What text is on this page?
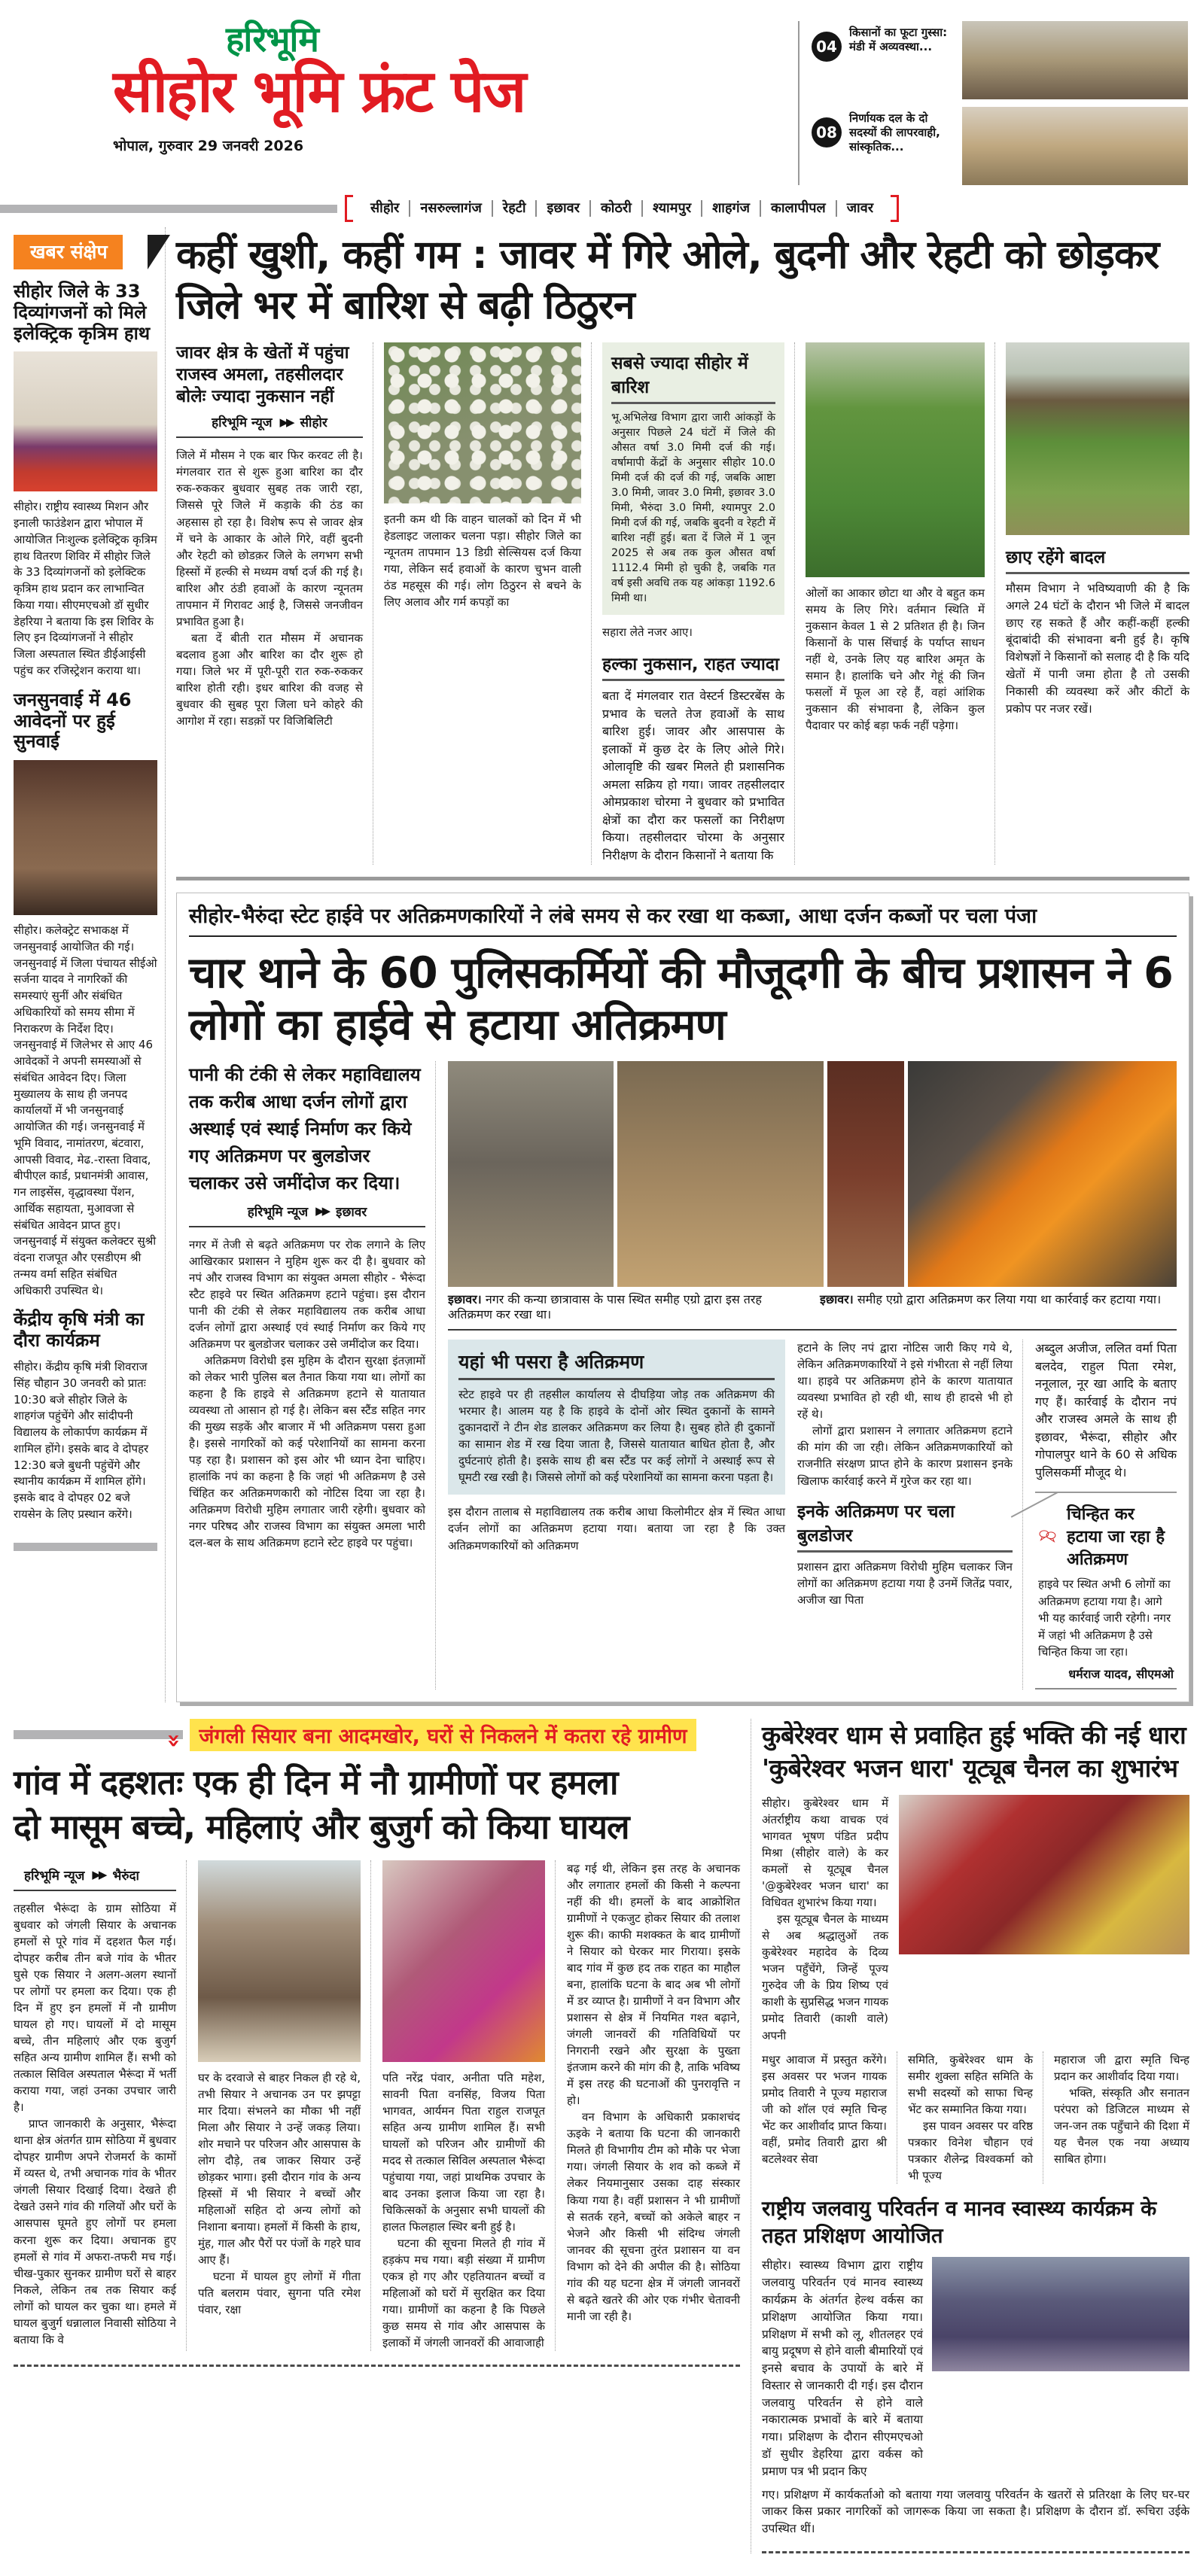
हरिभूमि
सीहोर भूमि फ्रंट पेज
भोपाल, गुरुवार 29 जनवरी 2026
04
किसानों का फूटा गुस्सा: मंडी में अव्यवस्था...
08
निर्णायक दल के दो सदस्यों की लापरवाही, सांस्कृतिक...
सीहोर	नसरुल्लागंज	रेहटी	इछावर	कोठरी	श्यामपुर	शाहगंज	कालापीपल	जावर
खबर संक्षेप
सीहोर जिले के 33 दिव्यांगजनों को मिले इलेक्ट्रिक कृत्रिम हाथ
सीहोर। राष्ट्रीय स्वास्थ्य मिशन और इनाली फाउंडेशन द्वारा भोपाल में आयोजित निःशुल्क इलेक्ट्रिक कृत्रिम हाथ वितरण शिविर में सीहोर जिले के 33 दिव्यांगजनों को इलेक्टिक कृत्रिम हाथ प्रदान कर लाभान्वित किया गया। सीएमएचओ डॉ सुधीर डेहरिया ने बताया कि इस शिविर के लिए इन दिव्यांगजनों ने सीहोर जिला अस्पताल स्थित डीईआईसी पहुंच कर रजिस्ट्रेशन कराया था।
जनसुनवाई में 46 आवेदनों पर हुई सुनवाई
सीहोर। कलेक्ट्रेट सभाकक्ष में जनसुनवाई आयोजित की गई। जनसुनवाई में जिला पंचायत सीईओ सर्जना यादव ने नागरिकों की समस्याएं सुनीं और संबंधित अधिकारियों को समय सीमा में निराकरण के निर्देश दिए। जनसुनवाई में जिलेभर से आए 46 आवेदकों ने अपनी समस्याओं से संबंधित आवेदन दिए। जिला मुख्यालय के साथ ही जनपद कार्यालयों में भी जनसुनवाई आयोजित की गई। जनसुनवाई में भूमि विवाद, नामांतरण, बंटवारा, आपसी विवाद, मेढ.-रास्ता विवाद, बीपीएल कार्ड, प्रधानमंत्री आवास, गन लाइसेंस, वृद्धावस्था पेंशन, आर्थिक सहायता, मुआवजा से संबंधित आवेदन प्राप्त हुए। जनसुनवाई में संयुक्त कलेक्टर सुश्री वंदना राजपूत और एसडीएम श्री तन्मय वर्मा सहित संबंधित अधिकारी उपस्थित थे।
केंद्रीय कृषि मंत्री का दौरा कार्यक्रम
सीहोर। केंद्रीय कृषि मंत्री शिवराज सिंह चौहान 30 जनवरी को प्रातः 10:30 बजे सीहोर जिले के शाहगंज पहुंचेंगे और सांदीपनी विद्यालय के लोकार्पण कार्यक्रम में शामिल होंगे। इसके बाद वे दोपहर 12:30 बजे बुधनी पहुंचेंगे और स्थानीय कार्यक्रम में शामिल होंगे। इसके बाद वे दोपहर 02 बजे रायसेन के लिए प्रस्थान करेंगे।
कहीं खुशी, कहीं गम : जावर में गिरे ओले, बुदनी और रेहटी को छोड़कर जिले भर में बारिश से बढ़ी ठिठुरन
जावर क्षेत्र के खेतों में पहुंचा राजस्व अमला, तहसीलदार बोलेः ज्यादा नुकसान नहीं
हरिभूमि न्यूज ▶▶ सीहोर

जिले में मौसम ने एक बार फिर करवट ली है। मंगलवार रात से शुरू हुआ बारिश का दौर रुक-रुककर बुधवार सुबह तक जारी रहा, जिससे पूरे जिले में कड़ाके की ठंड का अहसास हो रहा है। विशेष रूप से जावर क्षेत्र में चने के आकार के ओले गिरे, वहीं बुदनी और रेहटी को छोडक़र जिले के लगभग सभी हिस्सों में हल्की से मध्यम वर्षा दर्ज की गई है। बारिश और ठंडी हवाओं के कारण न्यूनतम तापमान में गिरावट आई है, जिससे जनजीवन प्रभावित हुआ है।

बता दें बीती रात मौसम में अचानक बदलाव हुआ और बारिश का दौर शुरू हो गया। जिले भर में पूरी-पूरी रात रुक-रुककर बारिश होती रही। इधर बारिश की वजह से बुधवार की सुबह पूरा जिला घने कोहरे की आगोश में रहा। सडक़ों पर विजिबिलिटी

इतनी कम थी कि वाहन चालकों को दिन में भी हेडलाइट जलाकर चलना पड़ा। सीहोर जिले का न्यूनतम तापमान 13 डिग्री सेल्सियस दर्ज किया गया, लेकिन सर्द हवाओं के कारण चुभन वाली ठंड महसूस की गई। लोग ठिठुरन से बचने के लिए अलाव और गर्म कपड़ों का
सबसे ज्यादा सीहोर में बारिश
भू.अभिलेख विभाग द्वारा जारी आंकड़ों के अनुसार पिछले 24 घंटों में जिले की औसत वर्षा 3.0 मिमी दर्ज की गई। वर्षामापी केंद्रों के अनुसार सीहोर 10.0 मिमी दर्ज की दर्ज की गई, जबकि आष्टा 3.0 मिमी, जावर 3.0 मिमी, इछावर 3.0 मिमी, भैरुंदा 3.0 मिमी, श्यामपुर 2.0 मिमी दर्ज की गई, जबकि बुदनी व रेहटी में बारिश नहीं हुई। बता दें जिले में 1 जून 2025 से अब तक कुल औसत वर्षा 1112.4 मिमी हो चुकी है, जबकि गत वर्ष इसी अवधि तक यह आंकड़ा 1192.6 मिमी था।
सहारा लेते नजर आए।
हल्का नुकसान, राहत ज्यादा
बता दें मंगलवार रात वेस्टर्न डिस्टरबेंस के प्रभाव के चलते तेज हवाओं के साथ बारिश हुई। जावर और आसपास के इलाकों में कुछ देर के लिए ओले गिरे। ओलावृष्टि की खबर मिलते ही प्रशासनिक अमला सक्रिय हो गया। जावर तहसीलदार ओमप्रकाश चोरमा ने बुधवार को प्रभावित क्षेत्रों का दौरा कर फसलों का निरीक्षण किया। तहसीलदार चोरमा के अनुसार निरीक्षण के दौरान किसानों ने बताया कि
ओलों का आकार छोटा था और वे बहुत कम समय के लिए गिरे। वर्तमान स्थिति में नुकसान केवल 1 से 2 प्रतिशत ही है। जिन किसानों के पास सिंचाई के पर्याप्त साधन नहीं थे, उनके लिए यह बारिश अमृत के समान है। हालांकि चने और गेहूं की जिन फसलों में फूल आ रहे हैं, वहां आंशिक नुकसान की संभावना है, लेकिन कुल पैदावार पर कोई बड़ा फर्क नहीं पड़ेगा।
छाए रहेंगे बादल
मौसम विभाग ने भविष्यवाणी की है कि अगले 24 घंटों के दौरान भी जिले में बादल छाए रह सकते हैं और कहीं-कहीं हल्की बूंदाबांदी की संभावना बनी हुई है। कृषि विशेषज्ञों ने किसानों को सलाह दी है कि यदि खेतों में पानी जमा होता है तो उसकी निकासी की व्यवस्था करें और कीटों के प्रकोप पर नजर रखें।
सीहोर-भैरुंदा स्टेट हाईवे पर अतिक्रमणकारियों ने लंबे समय से कर रखा था कब्जा, आधा दर्जन कब्जों पर चला पंजा
चार थाने के 60 पुलिसकर्मियों की मौजूदगी के बीच प्रशासन ने 6 लोगों का हाईवे से हटाया अतिक्रमण
पानी की टंकी से लेकर महाविद्यालय तक करीब आधा दर्जन लोगों द्वारा अस्थाई एवं स्थाई निर्माण कर किये गए अतिक्रमण पर बुलडोजर चलाकर उसे जमींदोज कर दिया।
हरिभूमि न्यूज ▶▶ इछावर

नगर में तेजी से बढ़ते अतिक्रमण पर रोक लगाने के लिए आखिरकार प्रशासन ने मुहिम शुरू कर दी है। बुधवार को नपं और राजस्व विभाग का संयुक्त अमला सीहोर - भैरूंदा स्टैट हाइवे पर स्थित अतिक्रमण हटाने पहुंचा। इस दौरान पानी की टंकी से लेकर महाविद्यालय तक करीब आधा दर्जन लोगों द्वारा अस्थाई एवं स्थाई निर्माण कर किये गए अतिक्रमण पर बुलडोजर चलाकर उसे जमींदोज कर दिया।

अतिक्रमण विरोधी इस मुहिम के दौरान सुरक्षा इंतज़ामों को लेकर भारी पुलिस बल तैनात किया गया था। लोगों का कहना है कि हाइवे से अतिक्रमण हटाने से यातायात व्यवस्था तो आसान हो गई है। लेकिन बस स्टैंड सहित नगर की मुख्य सड़कें और बाजार में भी अतिक्रमण पसरा हुआ है। इससे नागरिकों को कई परेशानियों का सामना करना पड़ रहा है। प्रशासन को इस ओर भी ध्यान देना चाहिए। हालांकि नपं का कहना है कि जहां भी अतिक्रमण है उसे चिंहित कर अतिक्रमणकारी को नोटिस दिया जा रहा है। अतिक्रमण विरोधी मुहिम लगातार जारी रहेगी। बुधवार को नगर परिषद और राजस्व विभाग का संयुक्त अमला भारी दल-बल के साथ अतिक्रमण हटाने स्टेट हाइवे पर पहुंचा।

इछावर। नगर की कन्या छात्रावास के पास स्थित समीह एग्रो द्वारा इस तरह अतिक्रमण कर रखा था।
इछावर। समीह एग्रो द्वारा अतिक्रमण कर लिया गया था कार्रवाई कर हटाया गया।
यहां भी पसरा है अतिक्रमण
स्टेट हाइवे पर ही तहसील कार्यालय से दीघड़िया जोड़ तक अतिक्रमण की भरमार है। आलम यह है कि हाइवे के दोनों ओर स्थित दुकानों के सामने दुकानदारों ने टीन शेड डालकर अतिक्रमण कर लिया है। सुबह होते ही दुकानों का सामान शेड में रख दिया जाता है, जिससे यातायात बाधित होता है, और दुर्घटनाएं होती है। इसके साथ ही बस स्टैंड पर कई लोगों ने अस्थाई रूप से घूमटी रख रखी है। जिससे लोगों को कई परेशानियों का सामना करना पड़ता है।
इस दौरान तालाब से महाविद्यालय तक करीब आधा किलोमीटर क्षेत्र में स्थित आधा दर्जन लोगों का अतिक्रमण हटाया गया। बताया जा रहा है कि उक्त अतिक्रमणकारियों को अतिक्रमण

हटाने के लिए नपं द्वारा नोटिस जारी किए गये थे, लेकिन अतिक्रमणकारियों ने इसे गंभीरता से नहीं लिया था। हाइवे पर अतिक्रमण होने के कारण यातायात व्यवस्था प्रभावित हो रही थी, साथ ही हादसे भी हो रहें थे।

लोगों द्वारा प्रशासन ने लगातार अतिक्रमण हटाने की मांग की जा रही। लेकिन अतिक्रमणकारियों को राजनीति संरक्षण प्राप्त होने के कारण प्रशासन इनके खिलाफ कार्रवाई करने में गुरेज कर रहा था।

इनके अतिक्रमण पर चला बुलडोजर
प्रशासन द्वारा अतिक्रमण विरोधी मुहिम चलाकर जिन लोगों का अतिक्रमण हटाया गया है उनमें जितेंद्र पवार, अजीज खा पिता
अब्दुल अजीज, ललित वर्मा पिता बलदेव, राहुल पिता रमेश, ननूलाल, नूर खा आदि के बताए गए हैं। कार्रवाई के दौरान नपं और राजस्व अमले के साथ ही इछावर, भैरूंदा, सीहोर और गोपालपुर थाने के 60 से अधिक पुलिसकर्मी मौजूद थे।
चिन्हित कर हटाया जा रहा है अतिक्रमण
हाइवे पर स्थित अभी 6 लोगों का अतिक्रमण हटाया गया है। आगे भी यह कार्रवाई जारी रहेगी। नगर में जहां भी अतिक्रमण है उसे चिन्हित किया जा रहा।
धर्मराज यादव, सीएमओ
» जंगली सियार बना आदमखोर, घरों से निकलने में कतरा रहे ग्रामीण
गांव में दहशतः एक ही दिन में नौ ग्रामीणों पर हमला
दो मासूम बच्चे, महिलाएं और बुजुर्ग को किया घायल
हरिभूमि न्यूज ▶▶ भैरुंदा

तहसील भैरूंदा के ग्राम सोठिया में बुधवार को जंगली सियार के अचानक हमलों से पूरे गांव में दहशत फैल गई। दोपहर करीब तीन बजे गांव के भीतर घुसे एक सियार ने अलग-अलग स्थानों पर लोगों पर हमला कर दिया। एक ही दिन में हुए इन हमलों में नौ ग्रामीण घायल हो गए। घायलों में दो मासूम बच्चे, तीन महिलाएं और एक बुजुर्ग सहित अन्य ग्रामीण शामिल हैं। सभी को तत्काल सिविल अस्पताल भैरूंदा में भर्ती कराया गया, जहां उनका उपचार जारी है।

प्राप्त जानकारी के अनुसार, भैरूंदा थाना क्षेत्र अंतर्गत ग्राम सोठिया में बुधवार दोपहर ग्रामीण अपने रोजमर्रा के कामों में व्यस्त थे, तभी अचानक गांव के भीतर जंगली सियार दिखाई दिया। देखते ही देखते उसने गांव की गलियों और घरों के आसपास घूमते हुए लोगों पर हमला करना शुरू कर दिया। अचानक हुए हमलों से गांव में अफरा-तफरी मच गई। चीख-पुकार सुनकर ग्रामीण घरों से बाहर निकले, लेकिन तब तक सियार कई लोगों को घायल कर चुका था। हमले में घायल बुजुर्ग धन्नालाल निवासी सोठिया ने बताया कि वे

घर के दरवाजे से बाहर निकल ही रहे थे, तभी सियार ने अचानक उन पर झपट्टा मार दिया। संभलने का मौका भी नहीं मिला और सियार ने उन्हें जकड़ लिया। शोर मचाने पर परिजन और आसपास के लोग दौड़े, तब जाकर सियार उन्हें छोड़कर भागा। इसी दौरान गांव के अन्य हिस्सों में भी सियार ने बच्चों और महिलाओं सहित दो अन्य लोगों को निशाना बनाया। हमलों में किसी के हाथ, मुंह, गाल और पैरों पर पंजों के गहरे घाव आए हैं।

घटना में घायल हुए लोगों में गीता पति बलराम पंवार, सुगना पति रमेश पंवार, रक्षा

पति नरेंद्र पंवार, अनीता पति महेश, सावनी पिता वनसिंह, विजय पिता भागवत, आर्यमन पिता राहुल राजपूत सहित अन्य ग्रामीण शामिल हैं। सभी घायलों को परिजन और ग्रामीणों की मदद से तत्काल सिविल अस्पताल भैरूंदा पहुंचाया गया, जहां प्राथमिक उपचार के बाद उनका इलाज किया जा रहा है। चिकित्सकों के अनुसार सभी घायलों की हालत फिलहाल स्थिर बनी हुई है।

घटना की सूचना मिलते ही गांव में हड़कंप मच गया। बड़ी संख्या में ग्रामीण एकत्र हो गए और एहतियातन बच्चों व महिलाओं को घरों में सुरक्षित कर दिया गया। ग्रामीणों का कहना है कि पिछले कुछ समय से गांव और आसपास के इलाकों में जंगली जानवरों की आवाजाही

बढ़ गई थी, लेकिन इस तरह के अचानक और लगातार हमलों की किसी ने कल्पना नहीं की थी। हमलों के बाद आक्रोशित ग्रामीणों ने एकजुट होकर सियार की तलाश शुरू की। काफी मशक्कत के बाद ग्रामीणों ने सियार को घेरकर मार गिराया। इसके बाद गांव में कुछ हद तक राहत का माहौल बना, हालांकि घटना के बाद अब भी लोगों में डर व्याप्त है। ग्रामीणों ने वन विभाग और प्रशासन से क्षेत्र में नियमित गश्त बढ़ाने, जंगली जानवरों की गतिविधियों पर निगरानी रखने और सुरक्षा के पुख्ता इंतजाम करने की मांग की है, ताकि भविष्य में इस तरह की घटनाओं की पुनरावृत्ति न हो।

वन विभाग के अधिकारी प्रकाशचंद ऊइके ने बताया कि घटना की जानकारी मिलते ही विभागीय टीम को मौके पर भेजा गया। जंगली सियार के शव को कब्जे में लेकर नियमानुसार उसका दाह संस्कार किया गया है। वहीं प्रशासन ने भी ग्रामीणों से सतर्क रहने, बच्चों को अकेले बाहर न भेजने और किसी भी संदिग्ध जंगली जानवर की सूचना तुरंत प्रशासन या वन विभाग को देने की अपील की है। सोठिया गांव की यह घटना क्षेत्र में जंगली जानवरों से बढ़ते खतरे की ओर एक गंभीर चेतावनी मानी जा रही है।

कुबेरेश्वर धाम से प्रवाहित हुई भक्ति की नई धारा
'कुबेरेश्वर भजन धारा' यूट्यूब चैनल का शुभारंभ

सीहोर। कुबेरेश्वर धाम में अंतर्राष्ट्रीय कथा वाचक एवं भागवत भूषण पंडित प्रदीप मिश्रा (सीहोर वाले) के कर कमलों से यूट्यूब चैनल '@कुबेरेश्वर भजन धारा' का विधिवत शुभारंभ किया गया।

इस यूट्यूब चैनल के माध्यम से अब श्रद्धालुओं तक कुबेरेश्वर महादेव के दिव्य भजन पहुँचेंगे, जिन्हें पूज्य गुरुदेव जी के प्रिय शिष्य एवं काशी के सुप्रसिद्ध भजन गायक प्रमोद तिवारी (काशी वाले) अपनी

मधुर आवाज में प्रस्तुत करेंगे। इस अवसर पर भजन गायक प्रमोद तिवारी ने पूज्य महाराज जी को शॉल एवं स्मृति चिन्ह भेंट कर आशीर्वाद प्राप्त किया। वहीं, प्रमोद तिवारी द्वारा श्री बटलेश्वर सेवा

समिति, कुबेरेश्वर धाम के समीर शुक्ला सहित समिति के सभी सदस्यों को साफा चिन्ह भेंट कर सम्मानित किया गया।

इस पावन अवसर पर वरिष्ठ पत्रकार विनेश चौहान एवं पत्रकार शैलेन्द्र विश्वकर्मा को भी पूज्य

महाराज जी द्वारा स्मृति चिन्ह प्रदान कर आशीर्वाद दिया गया।

भक्ति, संस्कृति और सनातन परंपरा को डिजिटल माध्यम से जन-जन तक पहुँचाने की दिशा में यह चैनल एक नया अध्याय साबित होगा।

राष्ट्रीय जलवायु परिवर्तन व मानव स्वास्थ्य कार्यक्रम के तहत प्रशिक्षण आयोजित
सीहोर। स्वास्थ्य विभाग द्वारा राष्ट्रीय जलवायु परिवर्तन एवं मानव स्वास्थ्य कार्यक्रम के अंतर्गत हेल्थ वर्कस का प्रशिक्षण आयोजित किया गया। प्रशिक्षण में सभी को लू, शीतलहर एवं बायु प्रदूषण से होने वाली बीमारियों एवं इनसे बचाव के उपायों के बारे में विस्तार से जानकारी दी गई। इस दौरान जलवायु परिवर्तन से होने वाले नकारात्मक प्रभावों के बारे में बताया गया। प्रशिक्षण के दौरान सीएमएचओ डॉ सुधीर डेहरिया द्वारा वर्कस को प्रमाण पत्र भी प्रदान किए
गए। प्रशिक्षण में कार्यकर्ताओ को बताया गया जलवायु परिवर्तन के खतरों से प्रतिरक्षा के लिए घर-घर जाकर किस प्रकार नागरिकों को जागरूक किया जा सकता है। प्रशिक्षण के दौरान डॉ. रूचिरा उईके उपस्थित थीं।
